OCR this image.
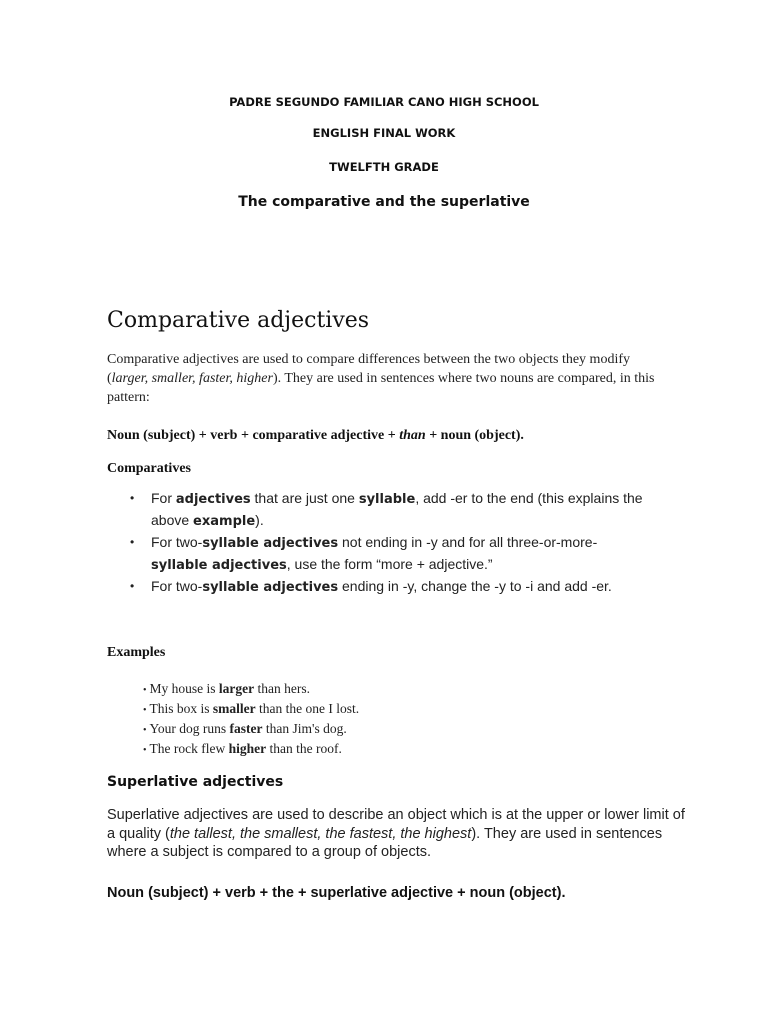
PADRE SEGUNDO FAMILIAR CANO HIGH SCHOOL
ENGLISH FINAL WORK
TWELFTH GRADE
The comparative and the superlative
Comparative adjectives
Comparative adjectives are used to compare differences between the two objects they modify (larger, smaller, faster, higher). They are used in sentences where two nouns are compared, in this pattern:
Noun (subject) + verb + comparative adjective + than + noun (object).
Comparatives
• For adjectives that are just one syllable, add -er to the end (this explains the above example).
• For two-syllable adjectives not ending in -y and for all three-or-more-syllable adjectives, use the form “more + adjective.”
• For two-syllable adjectives ending in -y, change the -y to -i and add -er.
Examples
• My house is larger than hers.
• This box is smaller than the one I lost.
• Your dog runs faster than Jim's dog.
• The rock flew higher than the roof.
Superlative adjectives
Superlative adjectives are used to describe an object which is at the upper or lower limit of a quality (the tallest, the smallest, the fastest, the highest). They are used in sentences where a subject is compared to a group of objects.
Noun (subject) + verb + the + superlative adjective + noun (object).
